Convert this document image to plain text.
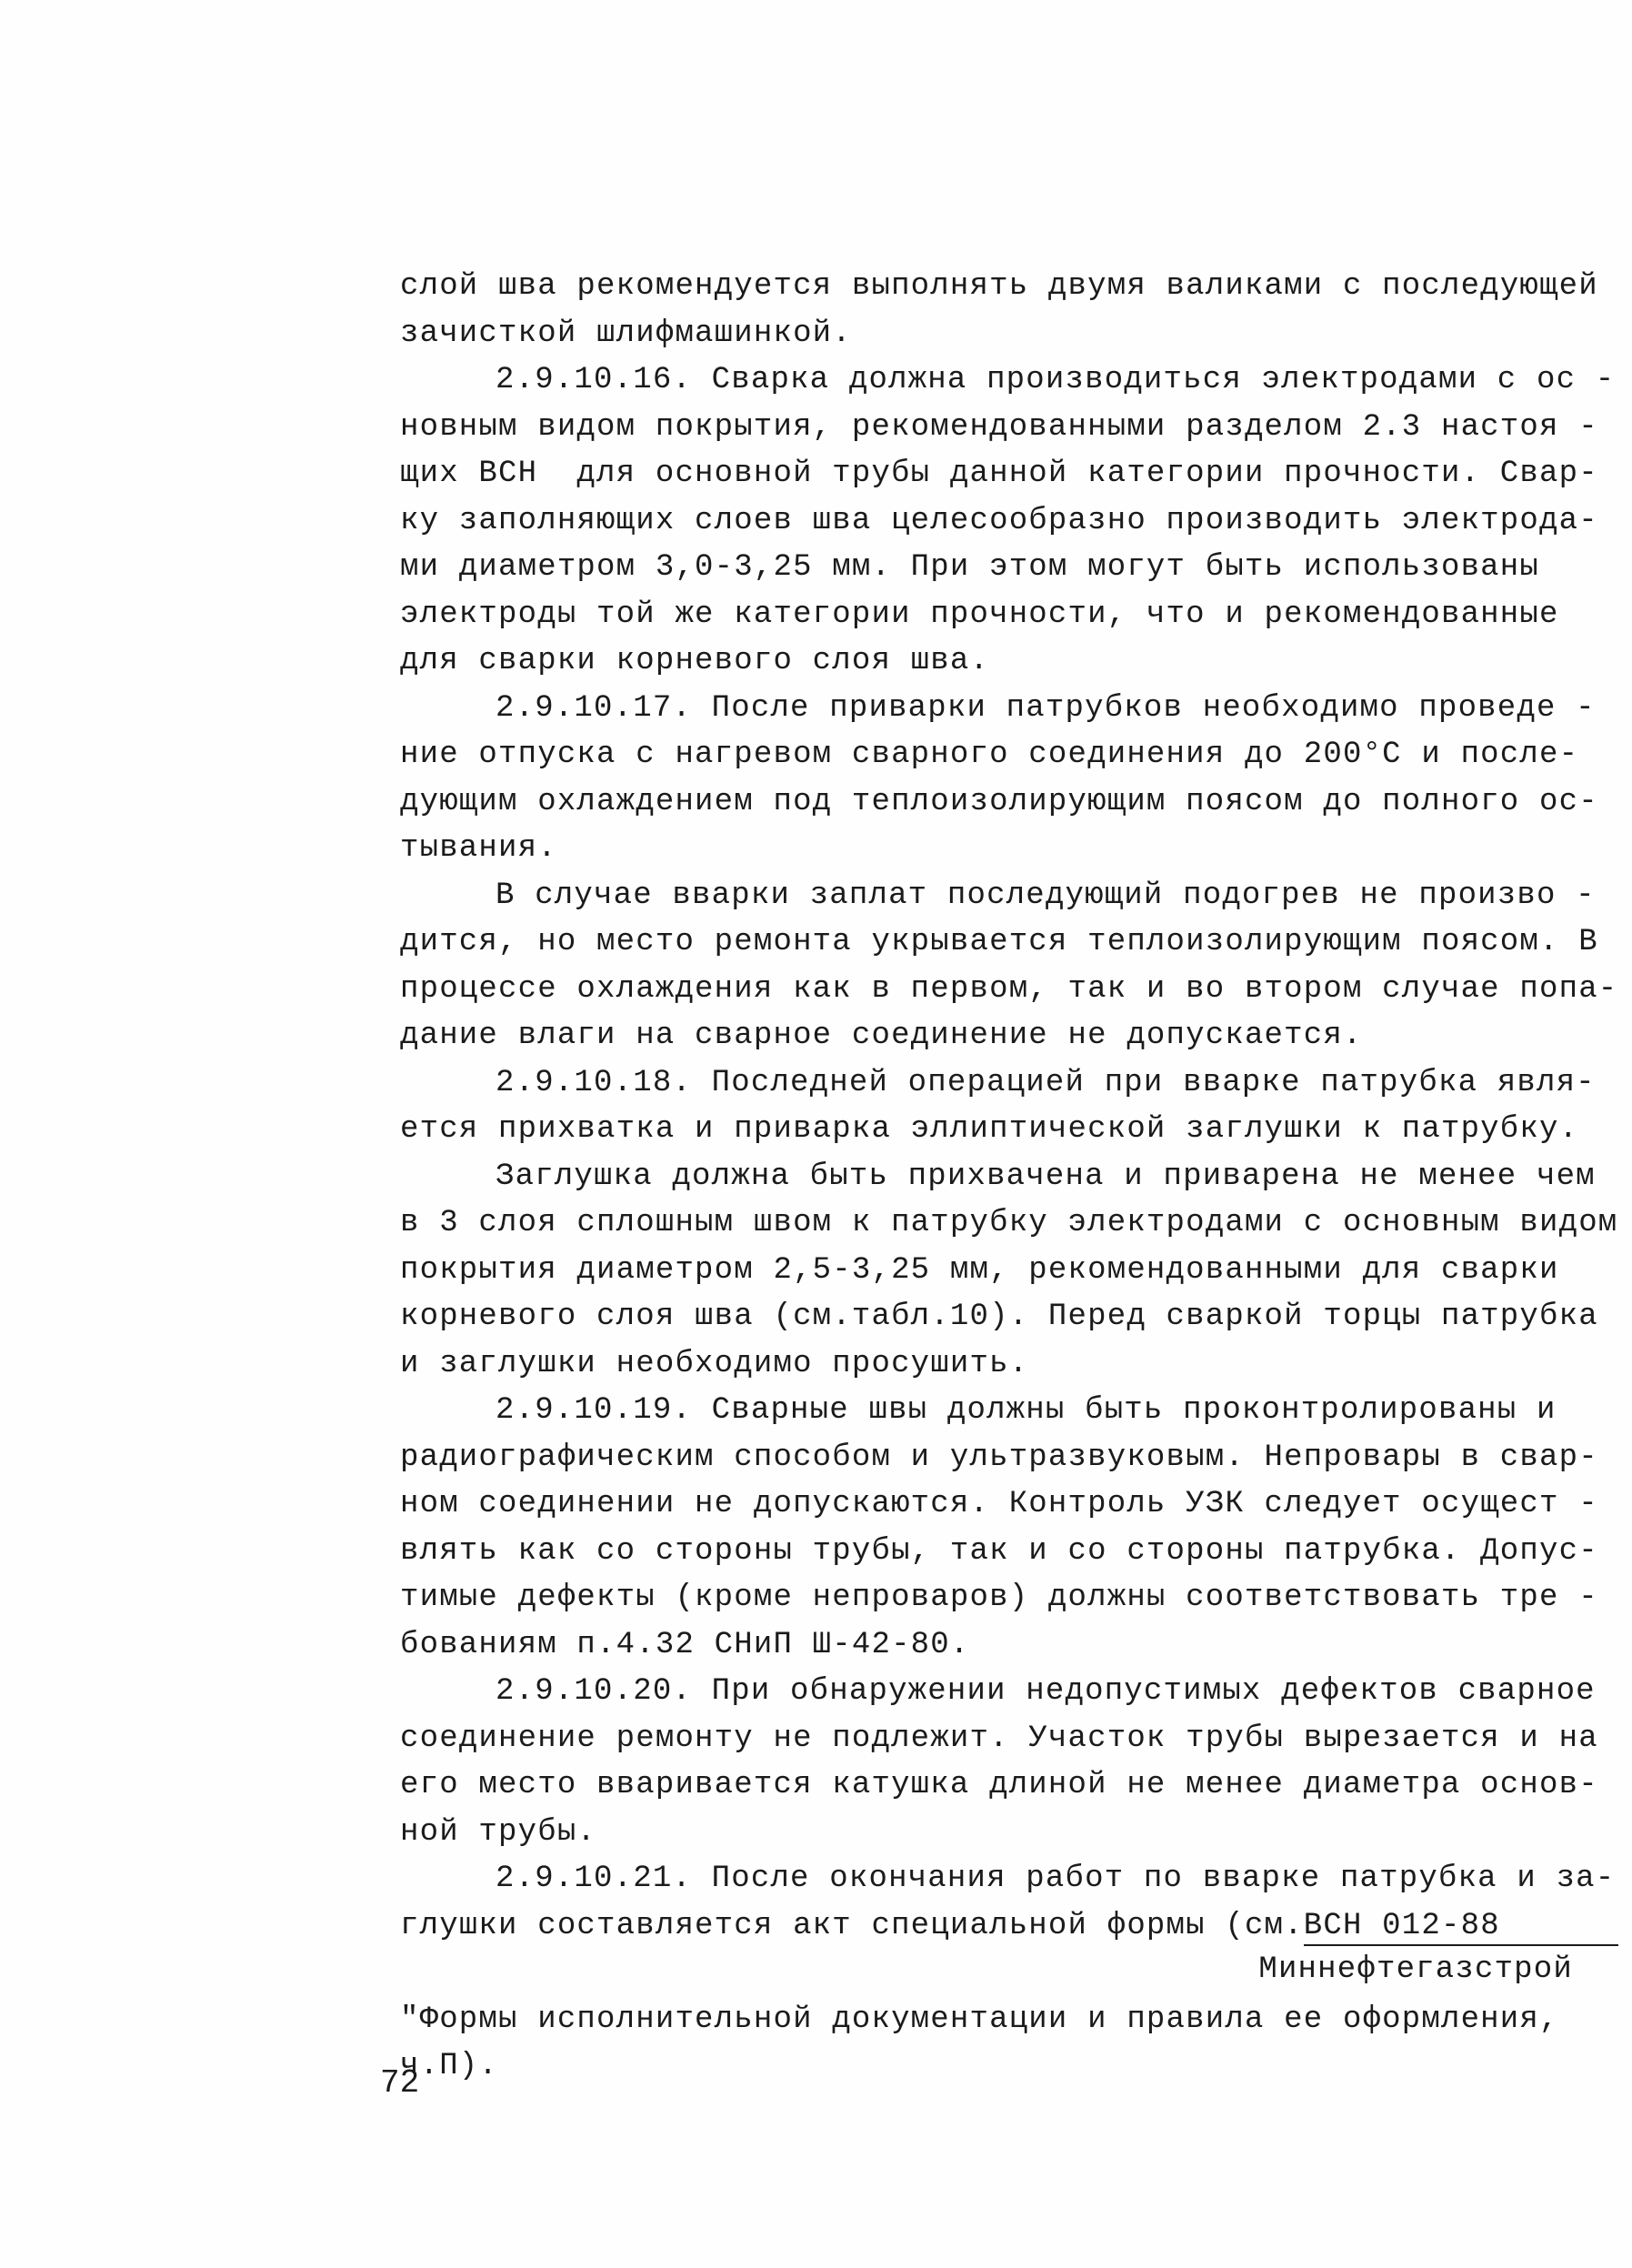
слой шва рекомендуется выполнять двумя валиками с последующей
зачисткой шлифмашинкой.
2.9.10.16. Сварка должна производиться электродами с ос -
новным видом покрытия, рекомендованными разделом 2.3 настоя -
щих ВСН  для основной трубы данной категории прочности. Свар-
ку заполняющих слоев шва целесообразно производить электрода-
ми диаметром 3,0-3,25 мм. При этом могут быть использованы
электроды той же категории прочности, что и рекомендованные
для сварки корневого слоя шва.
2.9.10.17. После приварки патрубков необходимо проведе -
ние отпуска с нагревом сварного соединения до 200°С и после-
дующим охлаждением под теплоизолирующим поясом до полного ос-
тывания.
В случае вварки заплат последующий подогрев не произво -
дится, но место ремонта укрывается теплоизолирующим поясом. В
процессе охлаждения как в первом, так и во втором случае попа-
дание влаги на сварное соединение не допускается.
2.9.10.18. Последней операцией при вварке патрубка явля-
ется прихватка и приварка эллиптической заглушки к патрубку.
Заглушка должна быть прихвачена и приварена не менее чем
в 3 слоя сплошным швом к патрубку электродами с основным видом
покрытия диаметром 2,5-3,25 мм, рекомендованными для сварки
корневого слоя шва (см.табл.10). Перед сваркой торцы патрубка
и заглушки необходимо просушить.
2.9.10.19. Сварные швы должны быть проконтролированы и
радиографическим способом и ультразвуковым. Непровары в свар-
ном соединении не допускаются. Контроль УЗК следует осущест -
влять как со стороны трубы, так и со стороны патрубка. Допус-
тимые дефекты (кроме непроваров) должны соответствовать тре -
бованиям п.4.32 СНиП Ш-42-80.
2.9.10.20. При обнаружении недопустимых дефектов сварное
соединение ремонту не подлежит. Участок трубы вырезается и на
его место вваривается катушка длиной не менее диаметра основ-
ной трубы.
2.9.10.21. После окончания работ по вварке патрубка и за-
глушки составляется акт специальной формы (см.ВСН 012-88
Миннефтегазстрой
"Формы исполнительной документации и правила ее оформления,
ч.П).
72
